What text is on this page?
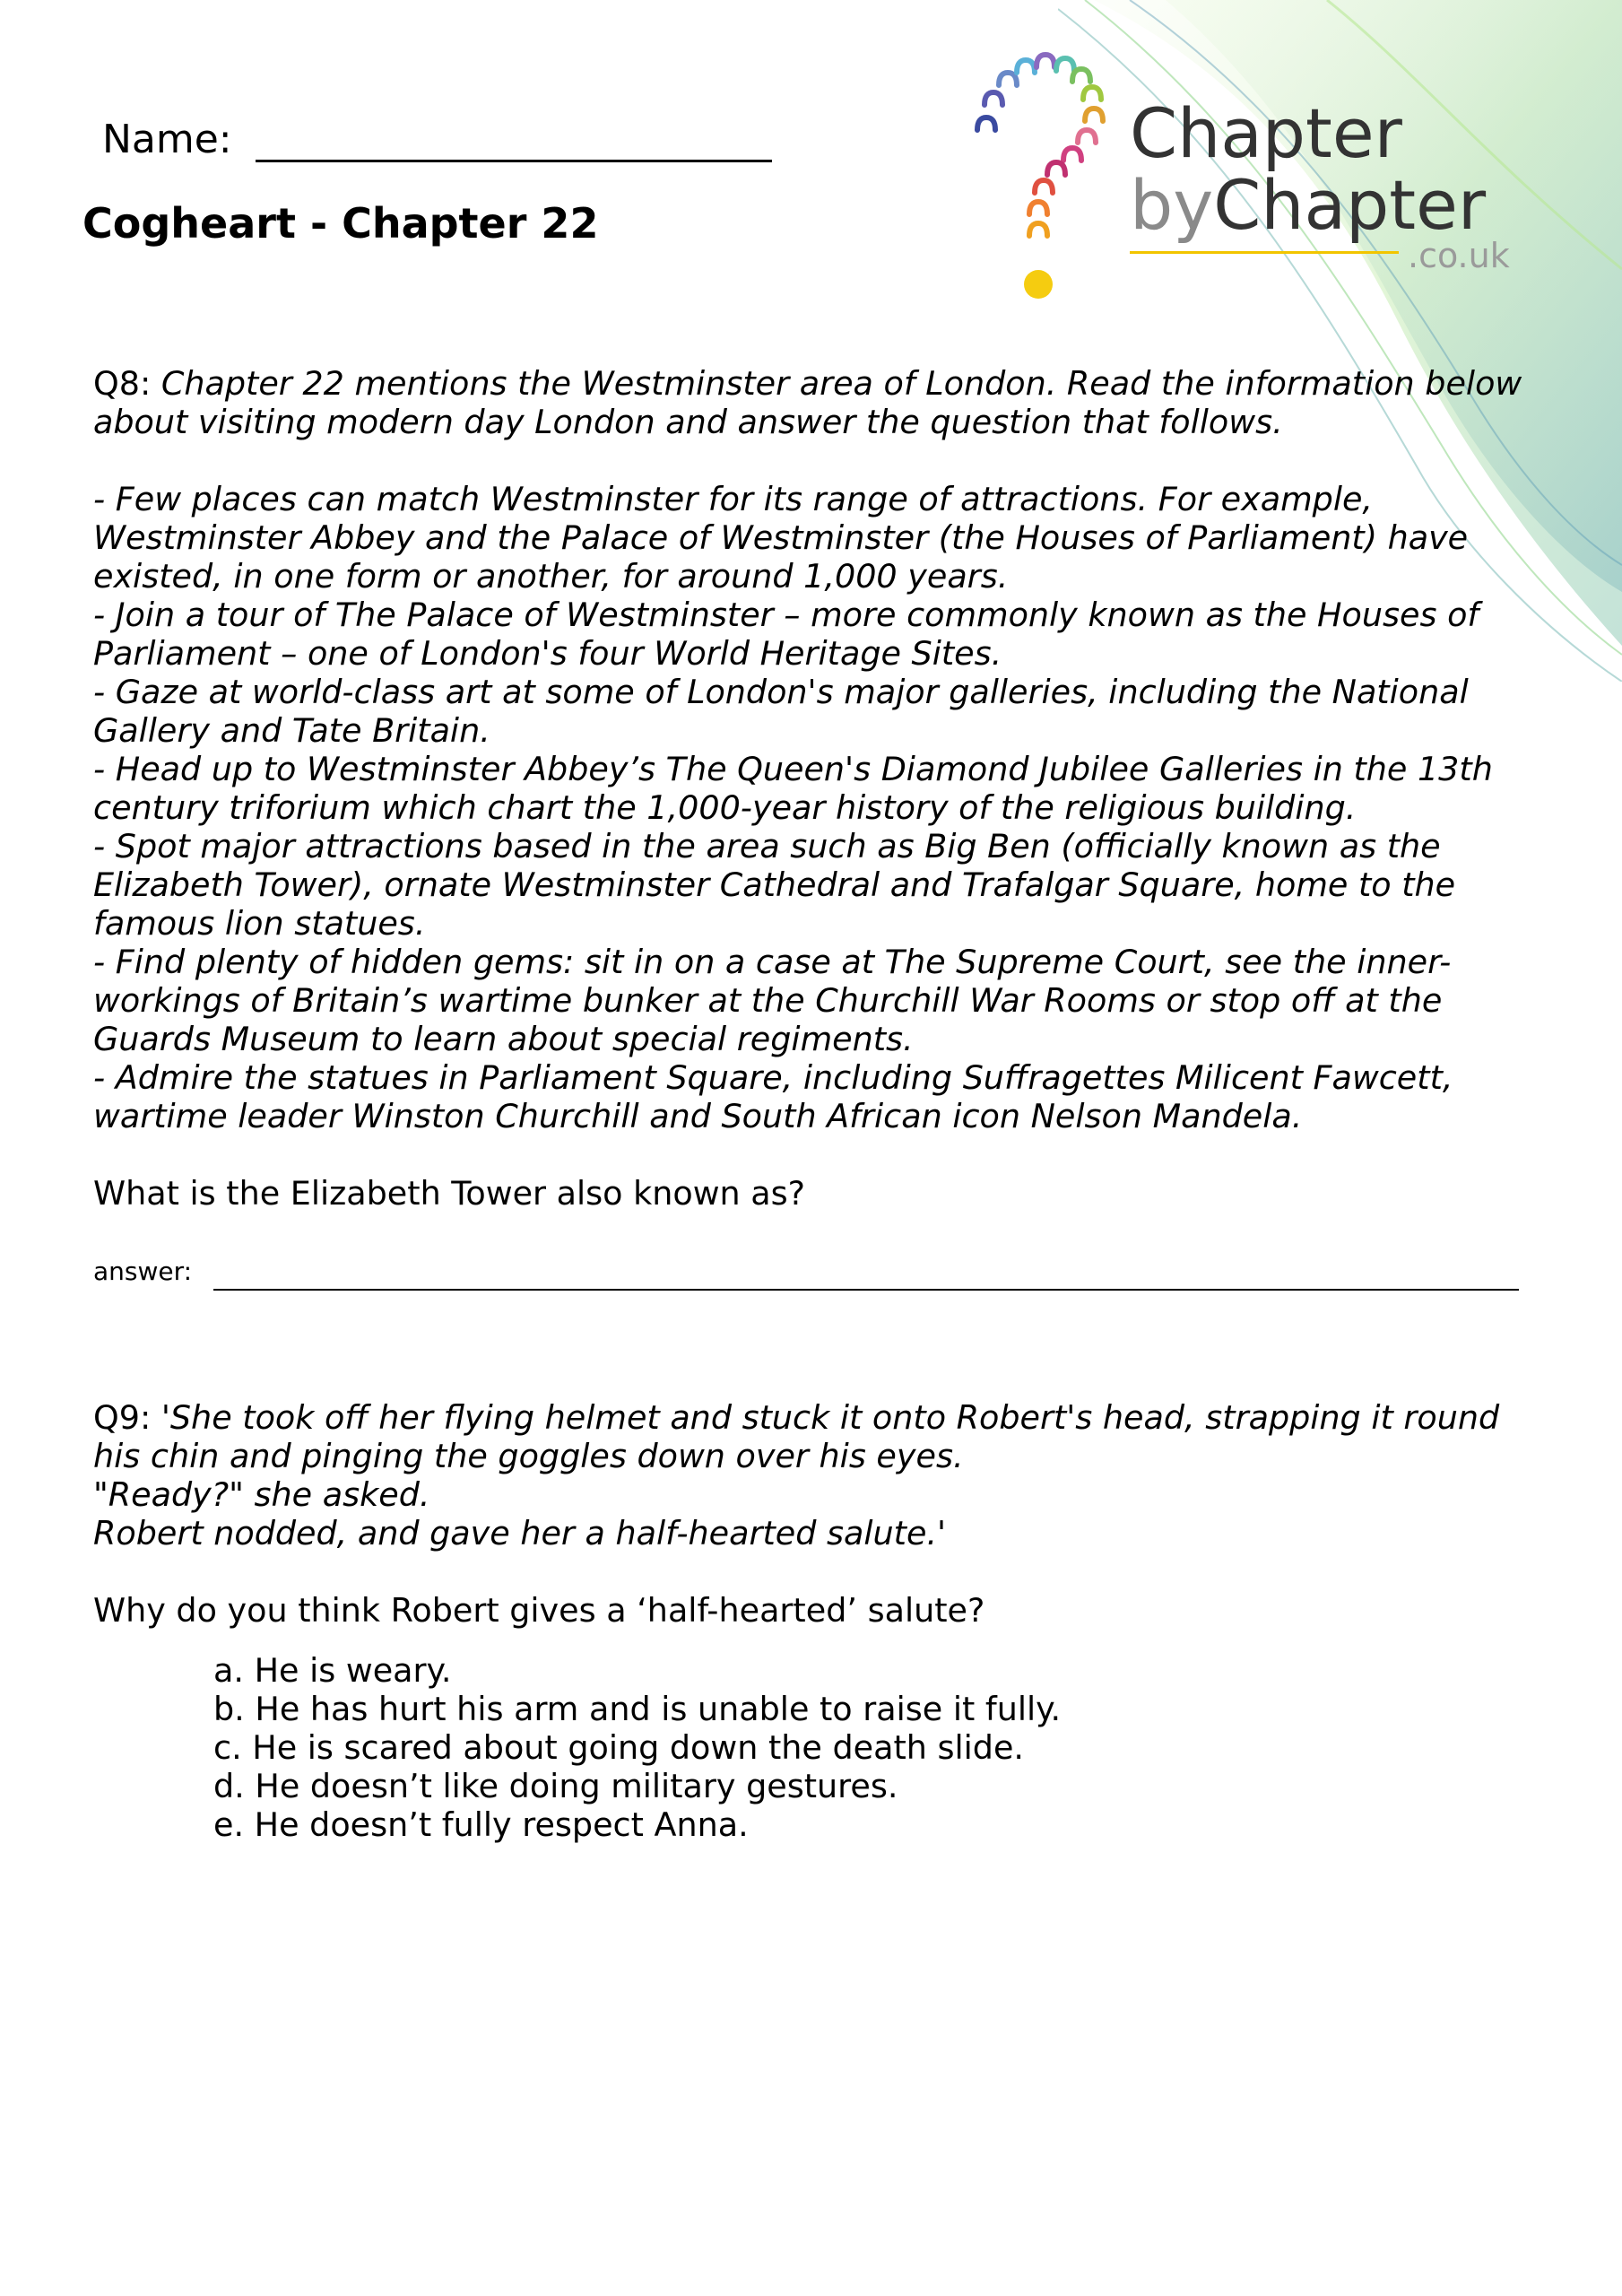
Name:
Cogheart - Chapter 22
Chapter
byChapter
.co.uk

Q8: Chapter 22 mentions the Westminster area of London. Read the information below about visiting modern day London and answer the question that follows.

- Few places can match Westminster for its range of attractions. For example, Westminster Abbey and the Palace of Westminster (the Houses of Parliament) have existed, in one form or another, for around 1,000 years.

- Join a tour of The Palace of Westminster – more commonly known as the Houses of Parliament – one of London's four World Heritage Sites.

- Gaze at world-class art at some of London's major galleries, including the National Gallery and Tate Britain.

- Head up to Westminster Abbey’s The Queen's Diamond Jubilee Galleries in the 13th century triforium which chart the 1,000-year history of the religious building.

- Spot major attractions based in the area such as Big Ben (officially known as the Elizabeth Tower), ornate Westminster Cathedral and Trafalgar Square, home to the famous lion statues.

- Find plenty of hidden gems: sit in on a case at The Supreme Court, see the inner-workings of Britain’s wartime bunker at the Churchill War Rooms or stop off at the Guards Museum to learn about special regiments.

- Admire the statues in Parliament Square, including Suffragettes Milicent Fawcett, wartime leader Winston Churchill and South African icon Nelson Mandela.

What is the Elizabeth Tower also known as?

answer:

Q9: 'She took off her flying helmet and stuck it onto Robert's head, strapping it round his chin and pinging the goggles down over his eyes.

"Ready?" she asked.

Robert nodded, and gave her a half-hearted salute.'

Why do you think Robert gives a ‘half-hearted’ salute?

a. He is weary.
b. He has hurt his arm and is unable to raise it fully.
c. He is scared about going down the death slide.
d. He doesn’t like doing military gestures.
e. He doesn’t fully respect Anna.
